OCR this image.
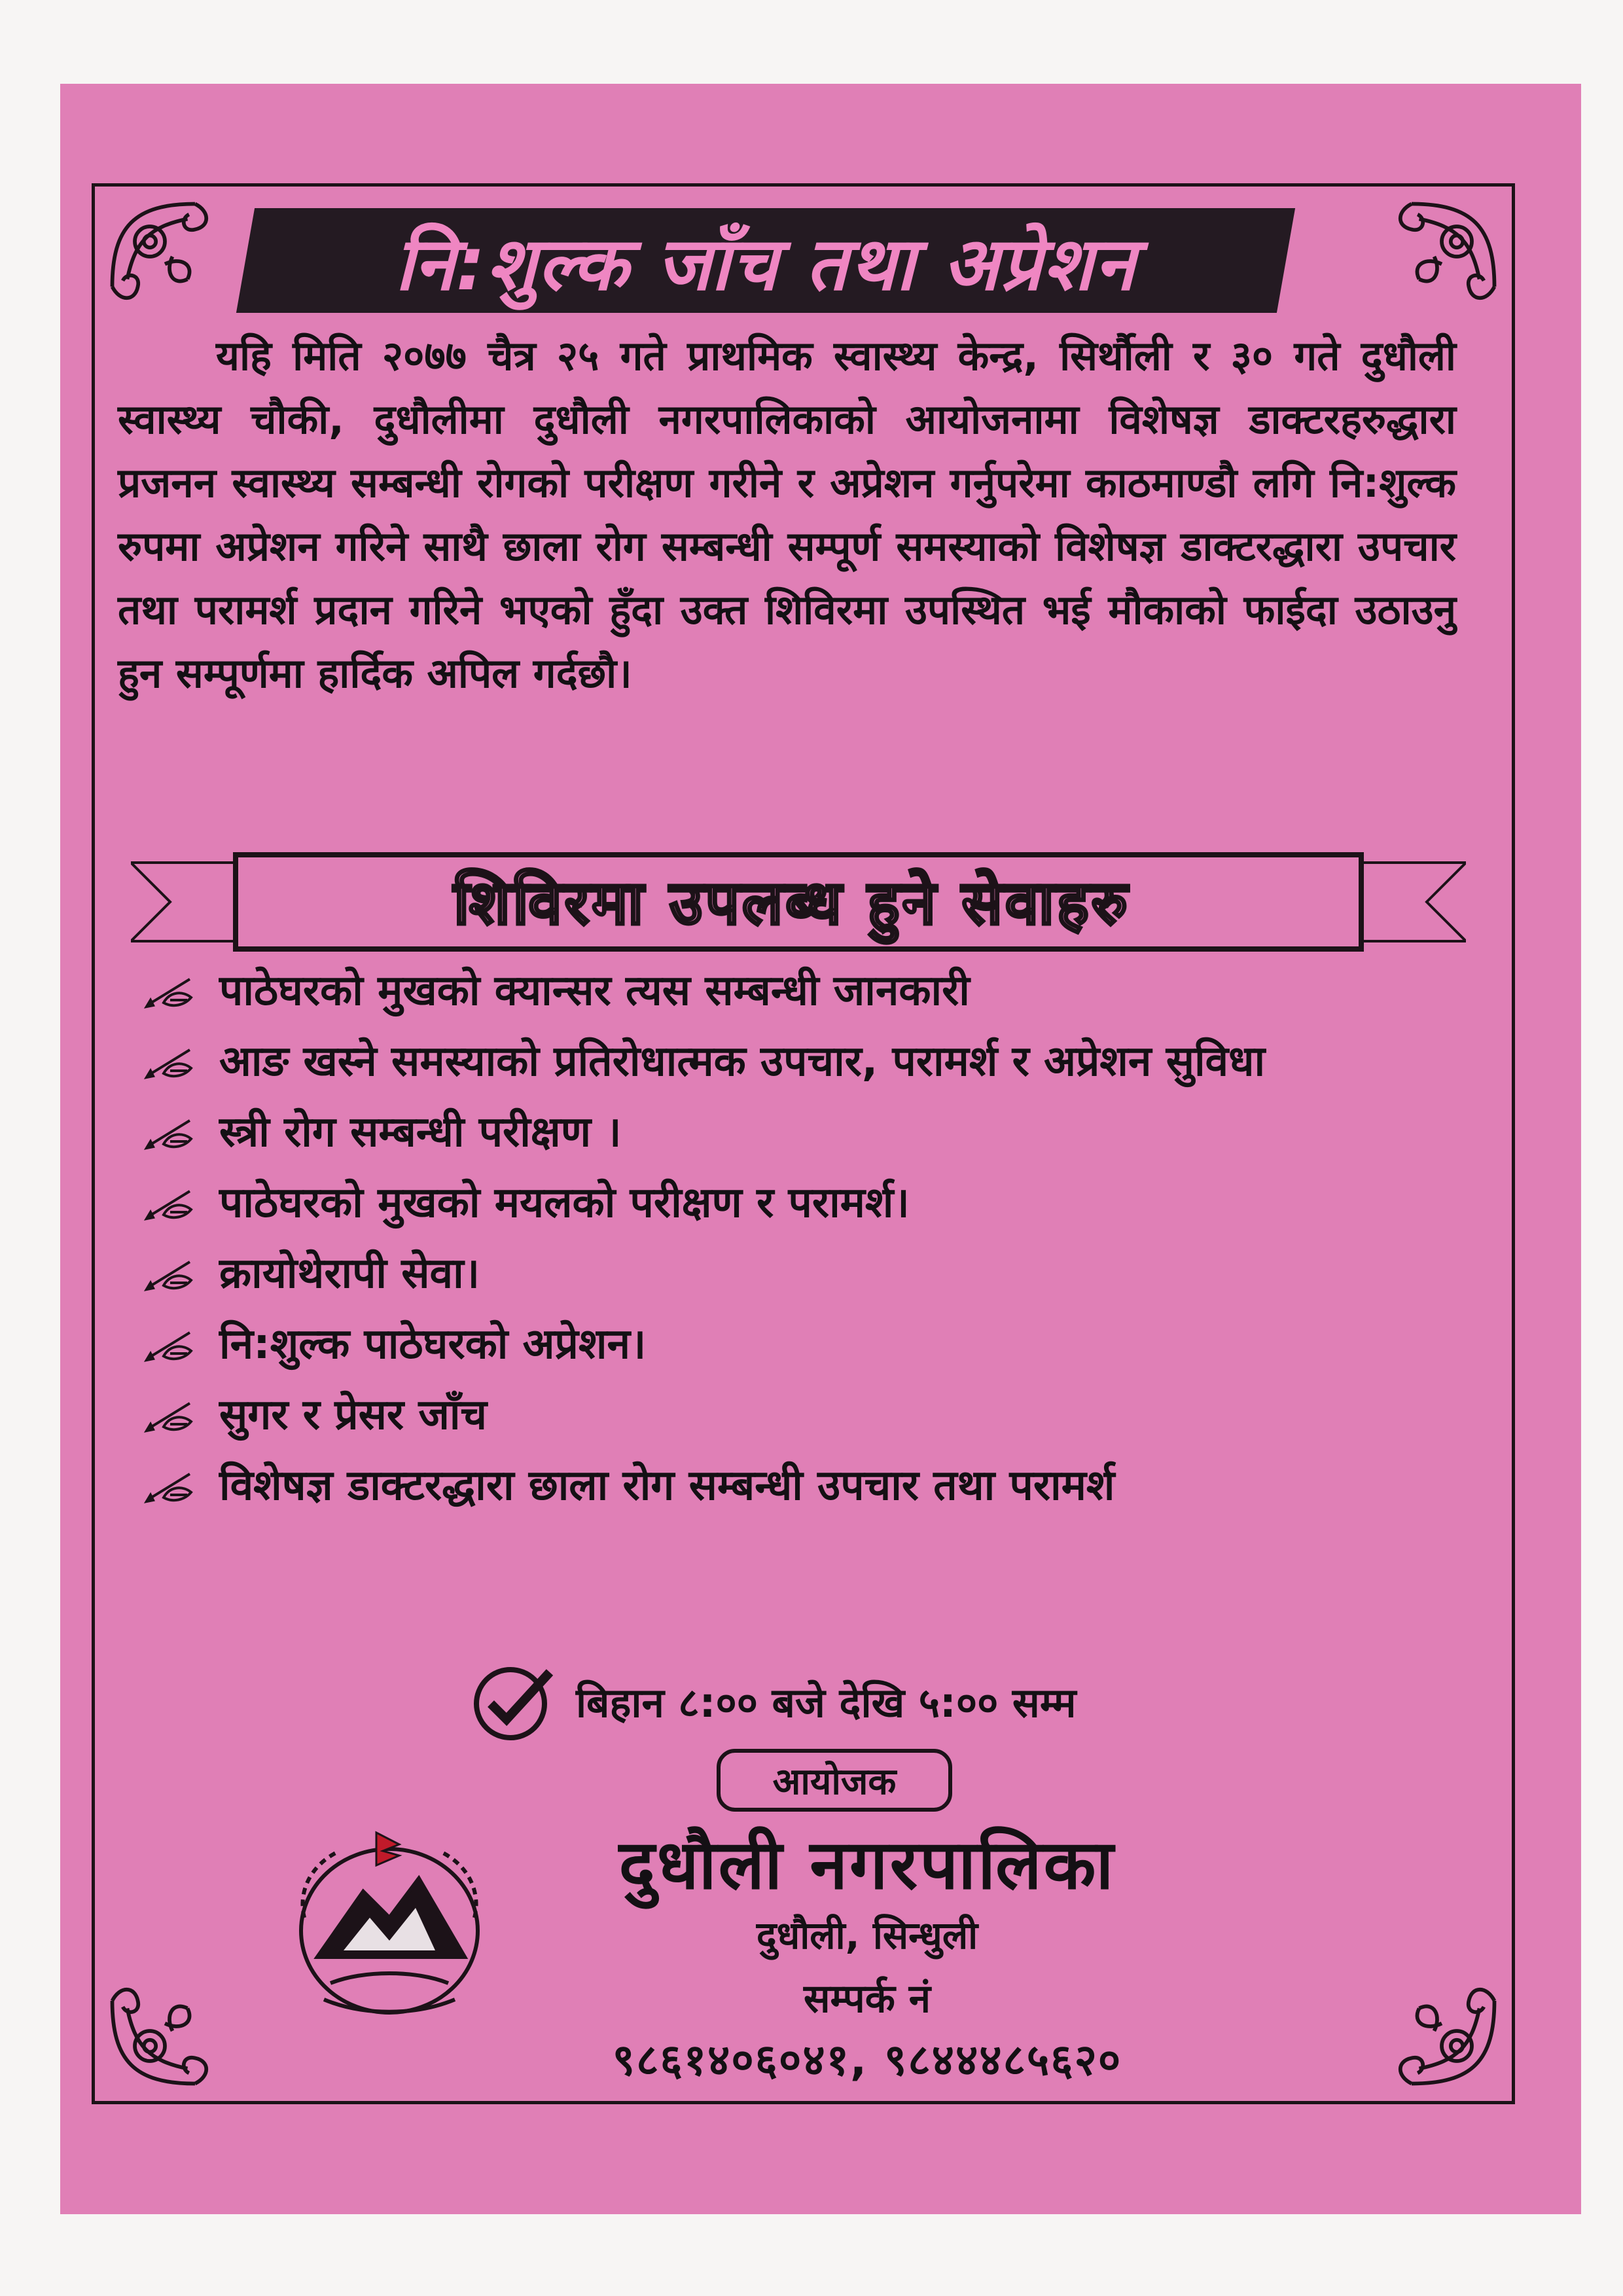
नि:शुल्क जाँच तथा अप्रेशन

यहि मिति २०७७ चैत्र २५ गते प्राथमिक स्वास्थ्य केन्द्र, सिर्थौली र ३० गते दुधौली स्वास्थ्य चौकी, दुधौलीमा दुधौली नगरपालिकाको आयोजनामा विशेषज्ञ डाक्टरहरुद्धारा प्रजनन स्वास्थ्य सम्बन्धी रोगको परीक्षण गरीने र अप्रेशन गर्नुपरेमा काठमाण्डौ लगि नि:शुल्क रुपमा अप्रेशन गरिने साथै छाला रोग सम्बन्धी सम्पूर्ण समस्याको विशेषज्ञ डाक्टरद्धारा उपचार तथा परामर्श प्रदान गरिने भएको हुँदा उक्त शिविरमा उपस्थित भई मौकाको फाईदा उठाउनु हुन सम्पूर्णमा हार्दिक अपिल गर्दछौ।

शिविरमा उपलब्ध हुने सेवाहरु
पाठेघरको मुखको क्यान्सर त्यस सम्बन्धी जानकारी
आङ खस्ने समस्याको प्रतिरोधात्मक उपचार, परामर्श र अप्रेशन सुविधा
स्त्री रोग सम्बन्धी परीक्षण ।
पाठेघरको मुखको मयलको परीक्षण र परामर्श।
क्रायोथेरापी सेवा।
नि:शुल्क पाठेघरको अप्रेशन।
सुगर र प्रेसर जाँच
विशेषज्ञ डाक्टरद्धारा छाला रोग सम्बन्धी उपचार तथा परामर्श
बिहान ८:०० बजे देखि ५:०० सम्म
आयोजक
दुधौली नगरपालिका
दुधौली, सिन्धुली
सम्पर्क नं
९८६१४०६०४१, ९८४४४८५६२०
